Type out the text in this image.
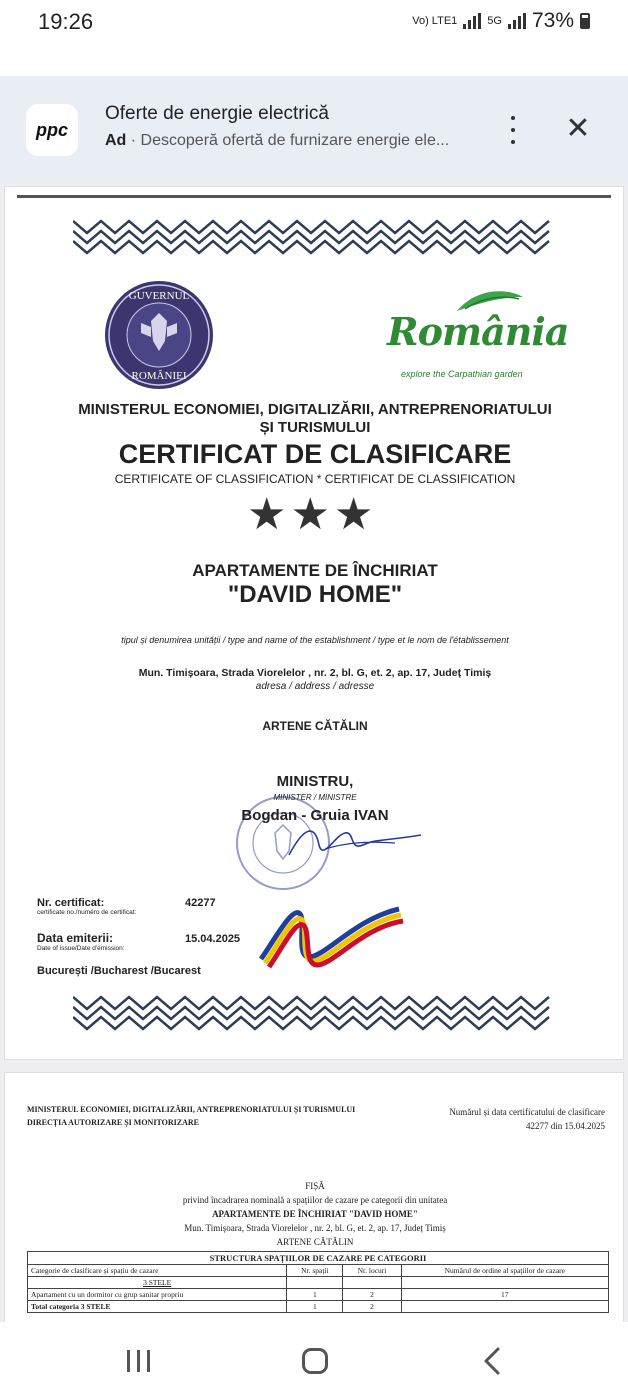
19:26	Vo) LTE1	5G 73%
ppc
Oferte de energie electrică
Ad · Descoperă ofertă de furnizare energie ele...	✕
GUVERNUL
ROMÂNIEI
România
explore the Carpathian garden
MINISTERUL ECONOMIEI, DIGITALIZĂRII, ANTREPRENORIATULUI
ȘI TURISMULUI
CERTIFICAT DE CLASIFICARE
CERTIFICATE OF CLASSIFICATION * CERTIFICAT DE CLASSIFICATION
★ ★ ★
APARTAMENTE DE ÎNCHIRIAT
"DAVID HOME"
tipul și denumirea unității / type and name of the establishment / type et le nom de l'établissement
Mun. Timișoara, Strada Viorelelor , nr. 2, bl. G, et. 2, ap. 17, Județ Timiș
adresa / address / adresse
ARTENE CĂTĂLIN
MINISTRU,
MINISTER / MINISTRE
Bogdan - Gruia IVAN
Nr. certificat:
certificate no./numéro de certificat:
42277
Data emiterii:
Date of issue/Date d'émission:
15.04.2025
București /Bucharest /Bucarest
MINISTERUL ECONOMIEI, DIGITALIZĂRII, ANTREPRENORIATULUI ȘI TURISMULUI
DIRECȚIA AUTORIZARE ȘI MONITORIZARE
Numărul și data certificatului de clasificare
42277 din 15.04.2025
FIȘĂ
privind încadrarea nominală a spațiilor de cazare pe categorii din unitatea
APARTAMENTE DE ÎNCHIRIAT "DAVID HOME"
Mun. Timișoara, Strada Viorelelor , nr. 2, bl. G, et. 2, ap. 17, Județ Timiș
ARTENE CĂTĂLIN
STRUCTURA SPAȚIILOR DE CAZARE PE CATEGORII			
Categorie de clasificare și spațiu de cazare	Nr. spații	Nr. locuri	Numărul de ordine al spațiilor de cazare
3 STELE			
Apartament cu un dormitor cu grup sanitar propriu	1	2	17
Total categoria 3 STELE	1	2	
